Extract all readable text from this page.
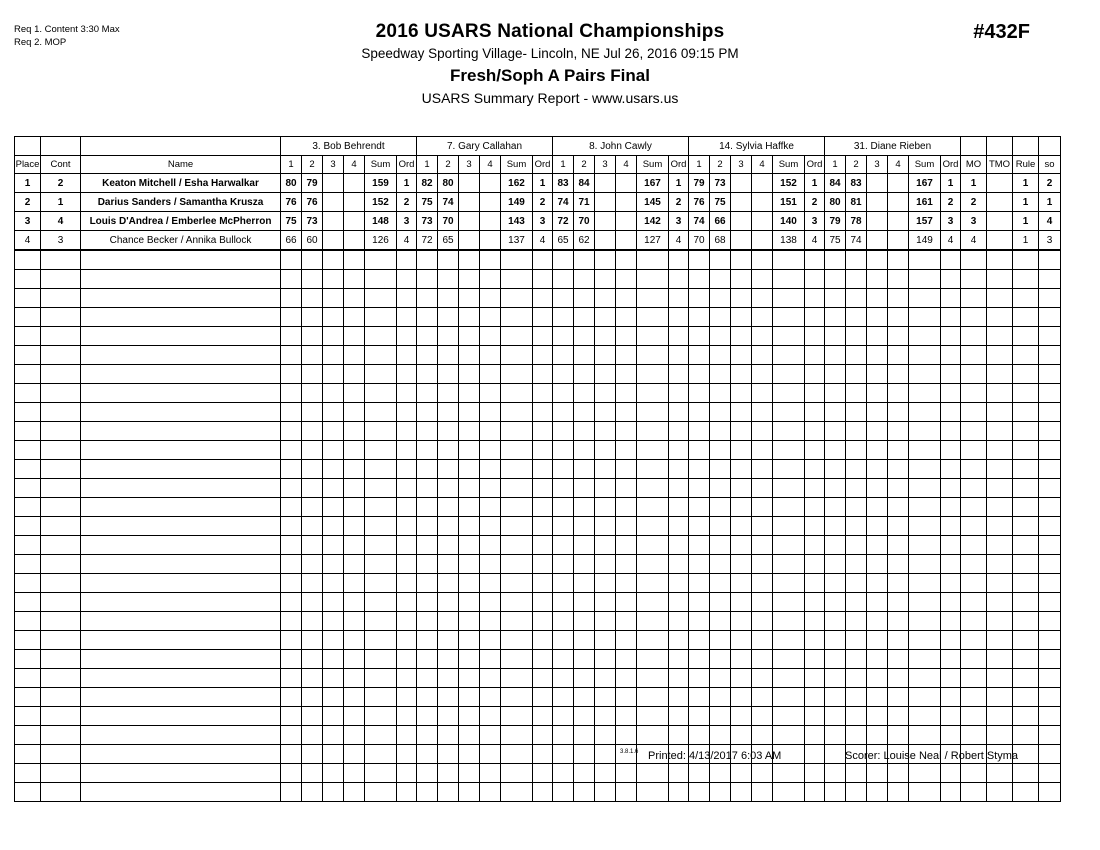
Req 1. Content 3:30 Max
Req 2. MOP
2016 USARS National Championships
Speedway Sporting Village- Lincoln, NE Jul 26, 2016 09:15 PM
Fresh/Soph A Pairs Final
USARS Summary Report - www.usars.us
#432F
			3. Bob Behrendt						7. Gary Callahan						8. John Cawly						14. Sylvia Haffke						31. Diane Rieben									
Place	Cont	Name	1	2	3	4	Sum	Ord	1	2	3	4	Sum	Ord	1	2	3	4	Sum	Ord	1	2	3	4	Sum	Ord	1	2	3	4	Sum	Ord	MO	TMO	Rule	so
1	2	Keaton Mitchell / Esha Harwalkar	80	79			159	1	82	80			162	1	83	84			167	1	79	73			152	1	84	83			167	1	1		1	2
2	1	Darius Sanders / Samantha Krusza	76	76			152	2	75	74			149	2	74	71			145	2	76	75			151	2	80	81			161	2	2		1	1
3	4	Louis D'Andrea / Emberlee McPherron	75	73			148	3	73	70			143	3	72	70			142	3	74	66			140	3	79	78			157	3	3		1	4
4	3	Chance Becker / Annika Bullock	66	60			126	4	72	65			137	4	65	62			127	4	70	68			138	4	75	74			149	4	4		1	3

3.8.1.6 Printed: 4/13/2017 6:03 AM	Scorer: Louise Neal / Robert Styma
